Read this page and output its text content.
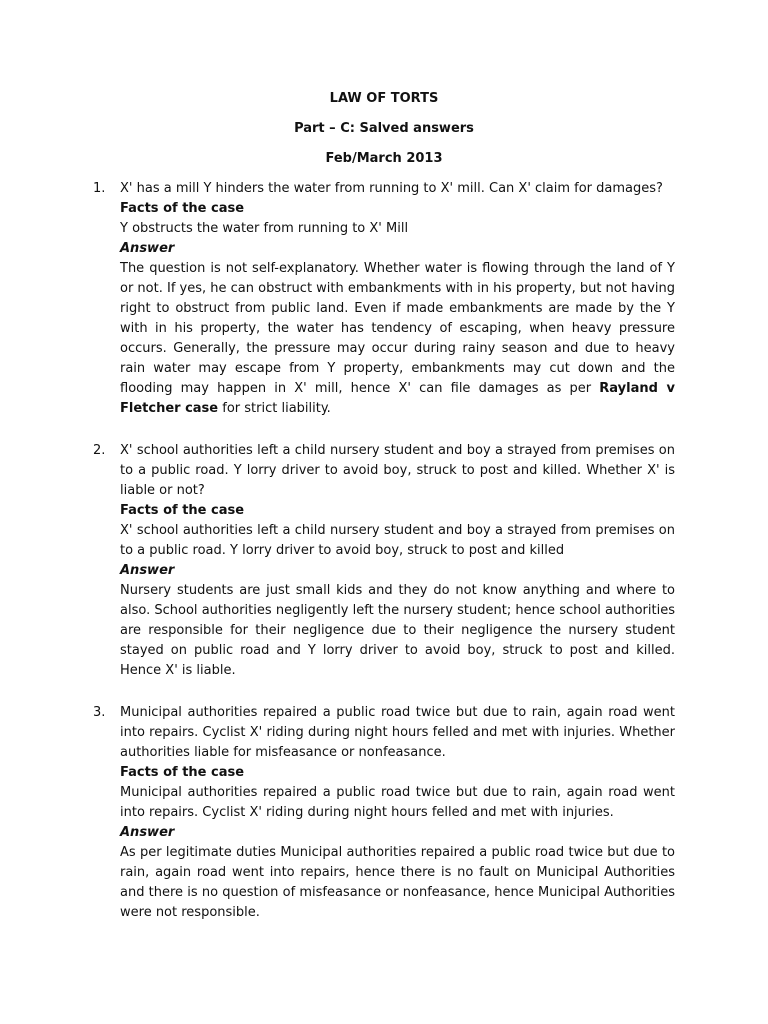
LAW OF TORTS
Part – C: Salved answers
Feb/March 2013
1.	X' has a mill Y hinders the water from running to X' mill. Can X' claim for damages?
Facts of the case
Y obstructs the water from running to X' Mill
Answer
The question is not self-explanatory. Whether water is flowing through the land of Y or not. If yes, he can obstruct with embankments with in his property, but not having right to obstruct from public land. Even if made embankments are made by the Y with in his property, the water has tendency of escaping, when heavy pressure occurs. Generally, the pressure may occur during rainy season and due to heavy rain water may escape from Y property, embankments may cut down and the flooding may happen in X' mill, hence X' can file damages as per Rayland v Fletcher case for strict liability.
2.	X' school authorities left a child nursery student and boy a strayed from premises on to a public road. Y lorry driver to avoid boy, struck to post and killed. Whether X' is liable or not?
Facts of the case
X' school authorities left a child nursery student and boy a strayed from premises on to a public road. Y lorry driver to avoid boy, struck to post and killed
Answer
Nursery students are just small kids and they do not know anything and where to also. School authorities negligently left the nursery student; hence school authorities are responsible for their negligence due to their negligence the nursery student stayed on public road and Y lorry driver to avoid boy, struck to post and killed. Hence X' is liable.
3.	Municipal authorities repaired a public road twice but due to rain, again road went into repairs. Cyclist X' riding during night hours felled and met with injuries. Whether authorities liable for misfeasance or nonfeasance.
Facts of the case
Municipal authorities repaired a public road twice but due to rain, again road went into repairs. Cyclist X' riding during night hours felled and met with injuries.
Answer
As per legitimate duties Municipal authorities repaired a public road twice but due to rain, again road went into repairs, hence there is no fault on Municipal Authorities and there is no question of misfeasance or nonfeasance, hence Municipal Authorities were not responsible.
